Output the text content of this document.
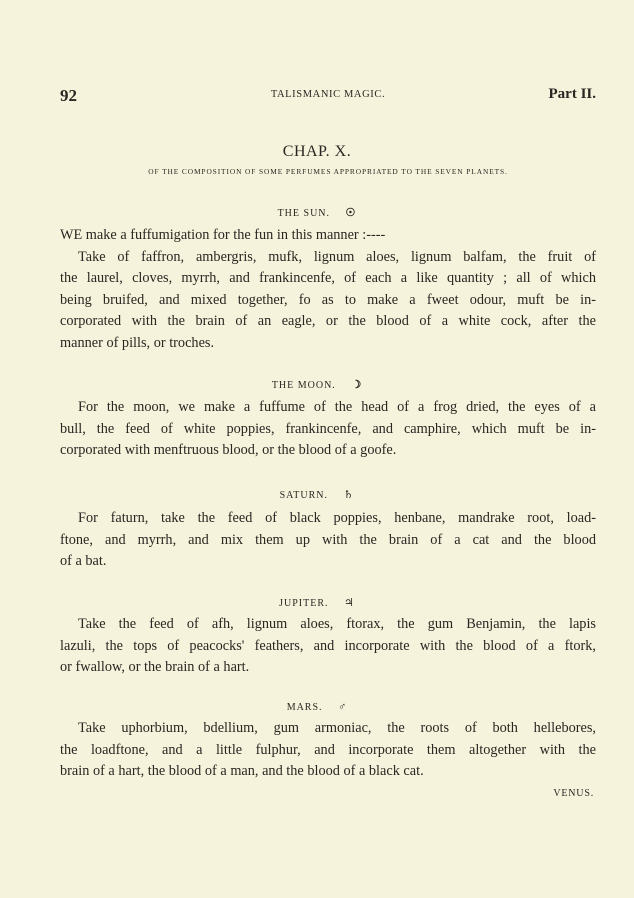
92	TALISMANIC MAGIC.	Part II.
CHAP. X.
OF THE COMPOSITION OF SOME PERFUMES APPROPRIATED TO THE SEVEN PLANETS.
THE SUN. ☉
WE make a fuffumigation for the fun in this manner :----
Take of faffron, ambergris, mufk, lignum aloes, lignum balfam, the fruit of
the laurel, cloves, myrrh, and frankincenfe, of each a like quantity ; all of which
being bruifed, and mixed together, fo as to make a fweet odour, muft be in-
corporated with the brain of an eagle, or the blood of a white cock, after the
manner of pills, or troches.
THE MOON. ☽
For the moon, we make a fuffume of the head of a frog dried, the eyes of a
bull, the feed of white poppies, frankincenfe, and camphire, which muft be in-
corporated with menftruous blood, or the blood of a goofe.
SATURN. ♄
For faturn, take the feed of black poppies, henbane, mandrake root, load-
ftone, and myrrh, and mix them up with the brain of a cat and the blood
of a bat.
JUPITER. ♃
Take the feed of afh, lignum aloes, ftorax, the gum Benjamin, the lapis
lazuli, the tops of peacocks' feathers, and incorporate with the blood of a ftork,
or fwallow, or the brain of a hart.
MARS. ♂
Take uphorbium, bdellium, gum armoniac, the roots of both hellebores,
the loadftone, and a little fulphur, and incorporate them altogether with the
brain of a hart, the blood of a man, and the blood of a black cat.
VENUS.
